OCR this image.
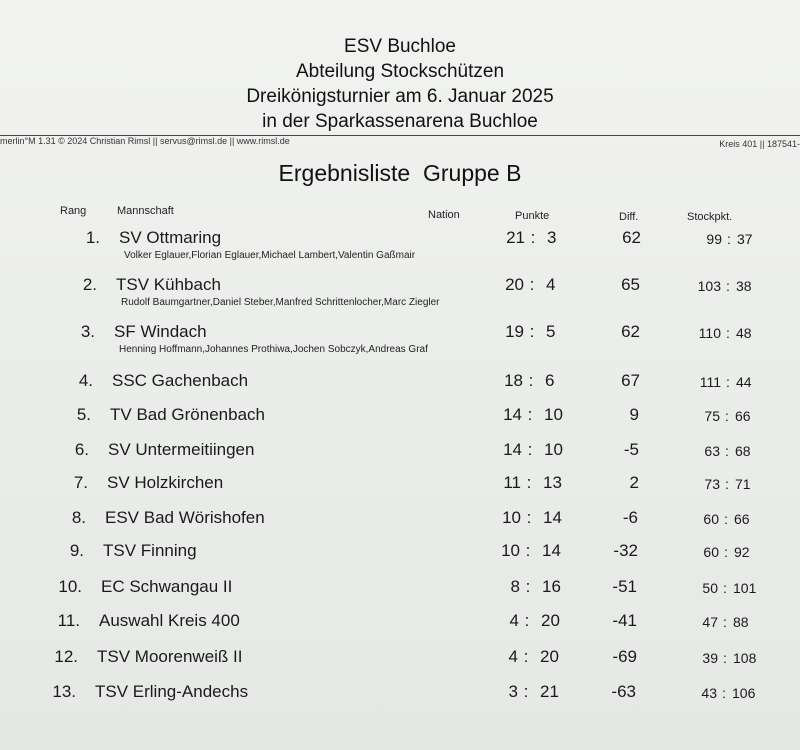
ESV Buchloe
Abteilung Stockschützen
Dreikönigsturnier am 6. Januar 2025
in der Sparkassenarena Buchloe
merlin°M 1.31 © 2024 Christian Rimsl || servus@rimsl.de || www.rimsl.de	Kreis 401 || 187541-
Ergebnisliste  Gruppe B
Rang	Mannschaft	Nation	Punkte	Diff.	Stockpkt.
1. SV Ottmaring	21 : 3	62	99 : 37
Volker Eglauer,Florian Eglauer,Michael Lambert,Valentin Gaßmair
2. TSV Kühbach	20 : 4	65	103 : 38
Rudolf Baumgartner,Daniel Steber,Manfred Schrittenlocher,Marc Ziegler
3. SF Windach	19 : 5	62	110 : 48
Henning Hoffmann,Johannes Prothiwa,Jochen Sobczyk,Andreas Graf
4. SSC Gachenbach	18 : 6	67	111 : 44
5. TV Bad Grönenbach	14 : 10	9	75 : 66
6. SV Untermeitiingen	14 : 10	-5	63 : 68
7. SV Holzkirchen	11 : 13	2	73 : 71
8. ESV Bad Wörishofen	10 : 14	-6	60 : 66
9. TSV Finning	10 : 14	-32	60 : 92
10. EC Schwangau II	8 : 16	-51	50 : 101
11. Auswahl Kreis 400	4 : 20	-41	47 : 88
12. TSV Moorenweiß II	4 : 20	-69	39 : 108
13. TSV Erling-Andechs	3 : 21	-63	43 : 106
